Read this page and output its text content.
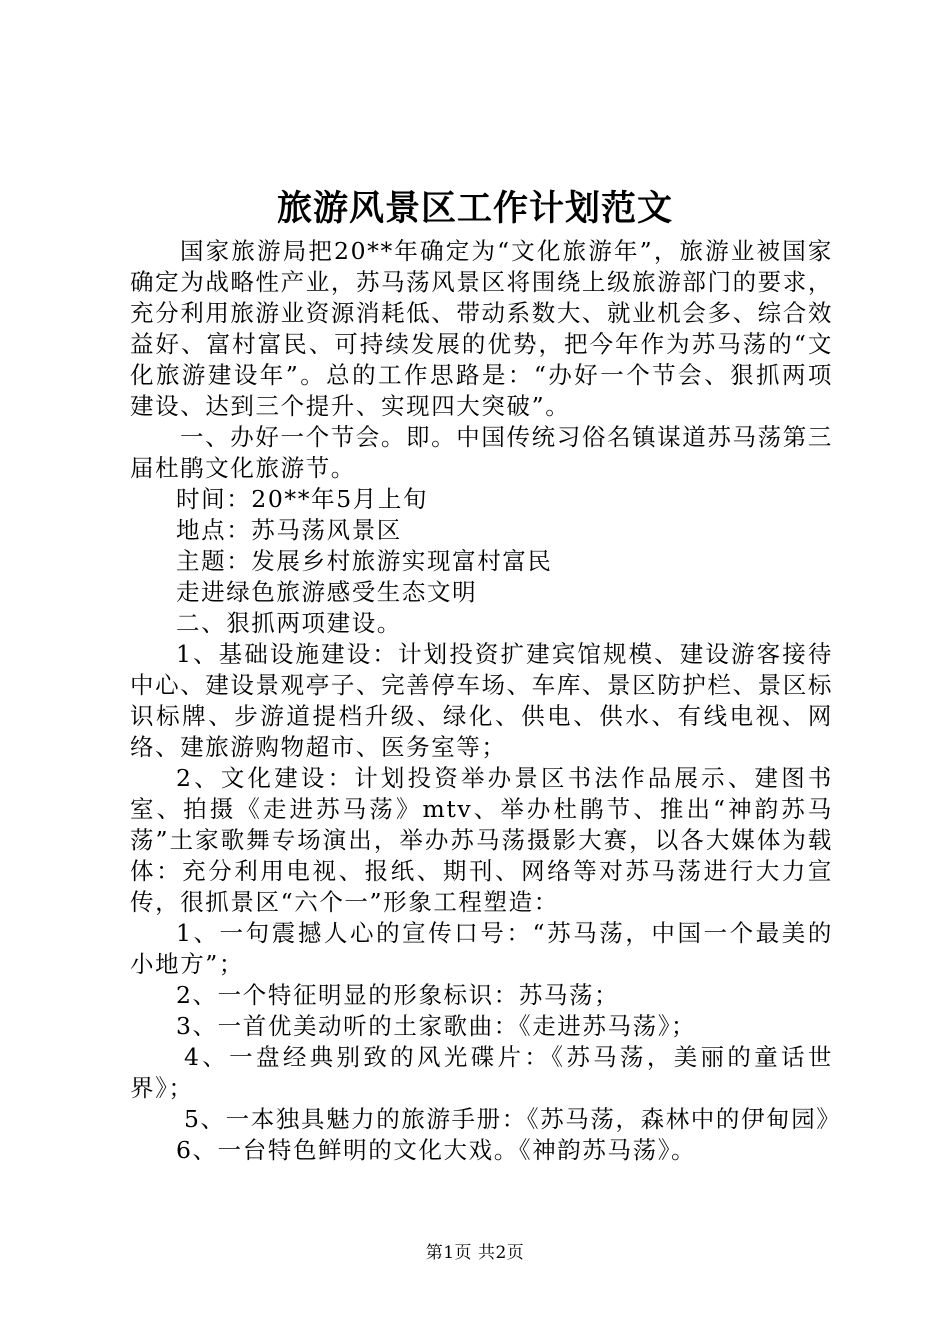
旅游风景区工作计划范文

国家旅游局把20**年确定为“文化旅游年”，旅游业被国家确定为战略性产业，苏马荡风景区将围绕上级旅游部门的要求，充分利用旅游业资源消耗低、带动系数大、就业机会多、综合效益好、富村富民、可持续发展的优势，把今年作为苏马荡的“文化旅游建设年”。总的工作思路是：“办好一个节会、狠抓两项建设、达到三个提升、实现四大突破”。

一、办好一个节会。即。中国传统习俗名镇谋道苏马荡第三届杜鹃文化旅游节。

时间：20**年5月上旬

地点：苏马荡风景区

主题：发展乡村旅游实现富村富民

走进绿色旅游感受生态文明

二、狠抓两项建设。

1、基础设施建设：计划投资扩建宾馆规模、建设游客接待中心、建设景观亭子、完善停车场、车库、景区防护栏、景区标识标牌、步游道提档升级、绿化、供电、供水、有线电视、网络、建旅游购物超市、医务室等；

2、文化建设：计划投资举办景区书法作品展示、建图书室、拍摄《走进苏马荡》mtv、举办杜鹃节、推出“神韵苏马荡”土家歌舞专场演出，举办苏马荡摄影大赛，以各大媒体为载体：充分利用电视、报纸、期刊、网络等对苏马荡进行大力宣传，很抓景区“六个一”形象工程塑造：

1、一句震撼人心的宣传口号：“苏马荡，中国一个最美的小地方”；

2、一个特征明显的形象标识：苏马荡；

3、一首优美动听的土家歌曲：《走进苏马荡》；

4、一盘经典别致的风光碟片：《苏马荡，美丽的童话世界》；

5、一本独具魅力的旅游手册：《苏马荡，森林中的伊甸园》

6、一台特色鲜明的文化大戏。《神韵苏马荡》。

第1页 共2页
